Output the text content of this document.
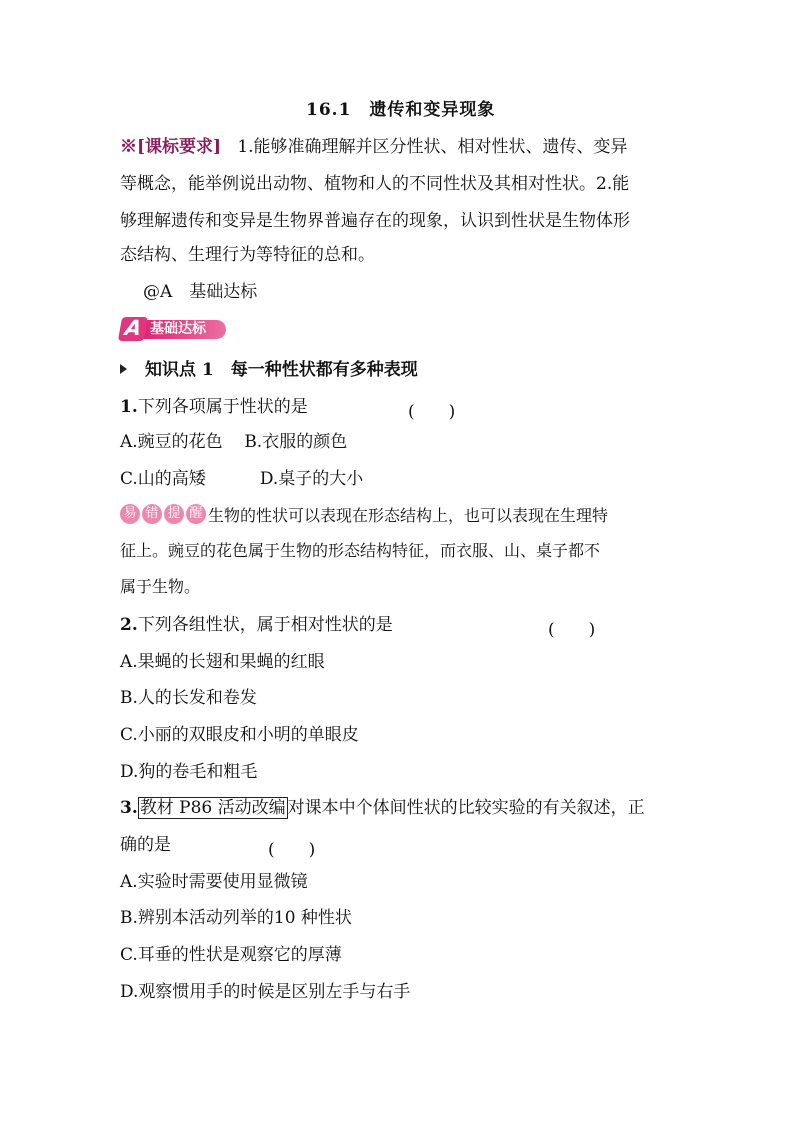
16.1　遗传和变异现象
※[课标要求] 1.能够准确理解并区分性状、相对性状、遗传、变异
等概念，能举例说出动物、植物和人的不同性状及其相对性状。2.能
够理解遗传和变异是生物界普遍存在的现象，认识到性状是生物体形
态结构、生理行为等特征的总和。
@A　基础达标
基础达标
A
知识点 1　每一种性状都有多种表现
1.下列各项属于性状的是	(　　)
A.豌豆的花色 B.衣服的颜色
C.山的高矮	D.桌子的大小
易 错 提 醒 生物的性状可以表现在形态结构上，也可以表现在生理特
征上。豌豆的花色属于生物的形态结构特征，而衣服、山、桌子都不
属于生物。
2.下列各组性状，属于相对性状的是	(　　)
A.果蝇的长翅和果蝇的红眼
B.人的长发和卷发
C.小丽的双眼皮和小明的单眼皮
D.狗的卷毛和粗毛
3. 教材 P86 活动改编 对课本中个体间性状的比较实验的有关叙述，正
确的是	(　　)
A.实验时需要使用显微镜
B.辨别本活动列举的10 种性状
C.耳垂的性状是观察它的厚薄
D.观察惯用手的时候是区别左手与右手
